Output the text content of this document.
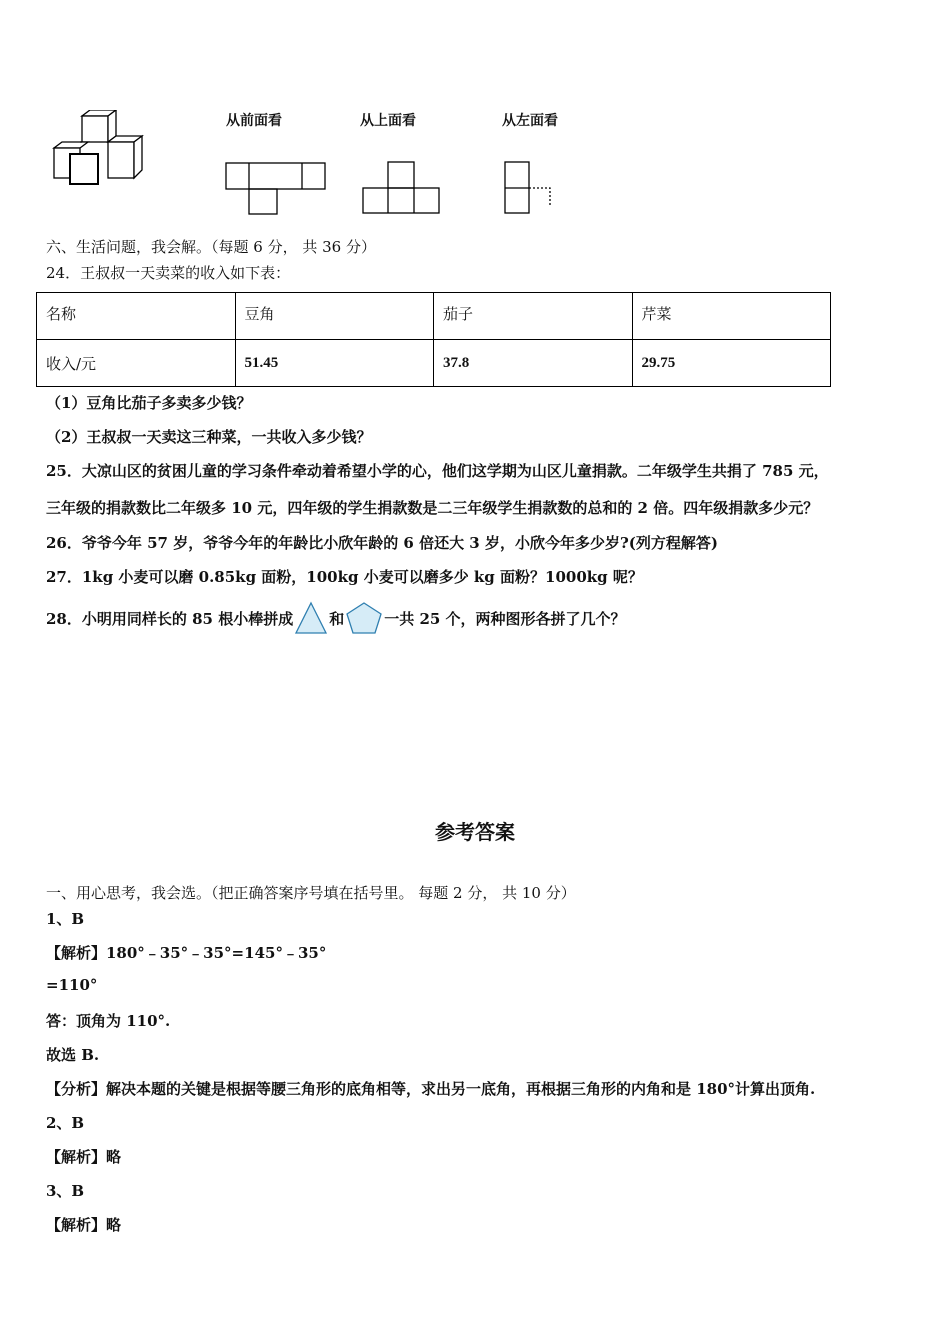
从前面看	从上面看	从左面看
六、生活问题，我会解。（每题 6 分， 共 36 分）
24．王叔叔一天卖菜的收入如下表：
名称	豆角	茄子	芹菜
收入/元	51.45	37.8	29.75
（1）豆角比茄子多卖多少钱？
（2）王叔叔一天卖这三种菜，一共收入多少钱？
25．大凉山区的贫困儿童的学习条件牵动着希望小学的心，他们这学期为山区儿童捐款。二年级学生共捐了 785 元，
三年级的捐款数比二年级多 10 元，四年级的学生捐款数是二三年级学生捐款数的总和的 2 倍。四年级捐款多少元？
26．爷爷今年 57 岁，爷爷今年的年龄比小欣年龄的 6 倍还大 3 岁，小欣今年多少岁?(列方程解答)
27．1kg 小麦可以磨 0.85kg 面粉，100kg 小麦可以磨多少 kg 面粉？1000kg 呢？
28．小明用同样长的 85 根小棒拼成 和	一共 25 个，两种图形各拼了几个？
参考答案
一、用心思考，我会选。（把正确答案序号填在括号里。 每题 2 分， 共 10 分）
1、B
【解析】180°﹣35°﹣35°=145°﹣35°
=110°
答：顶角为 110°.
故选 B.
【分析】解决本题的关键是根据等腰三角形的底角相等，求出另一底角，再根据三角形的内角和是 180°计算出顶角.
2、B
【解析】略
3、B
【解析】略
